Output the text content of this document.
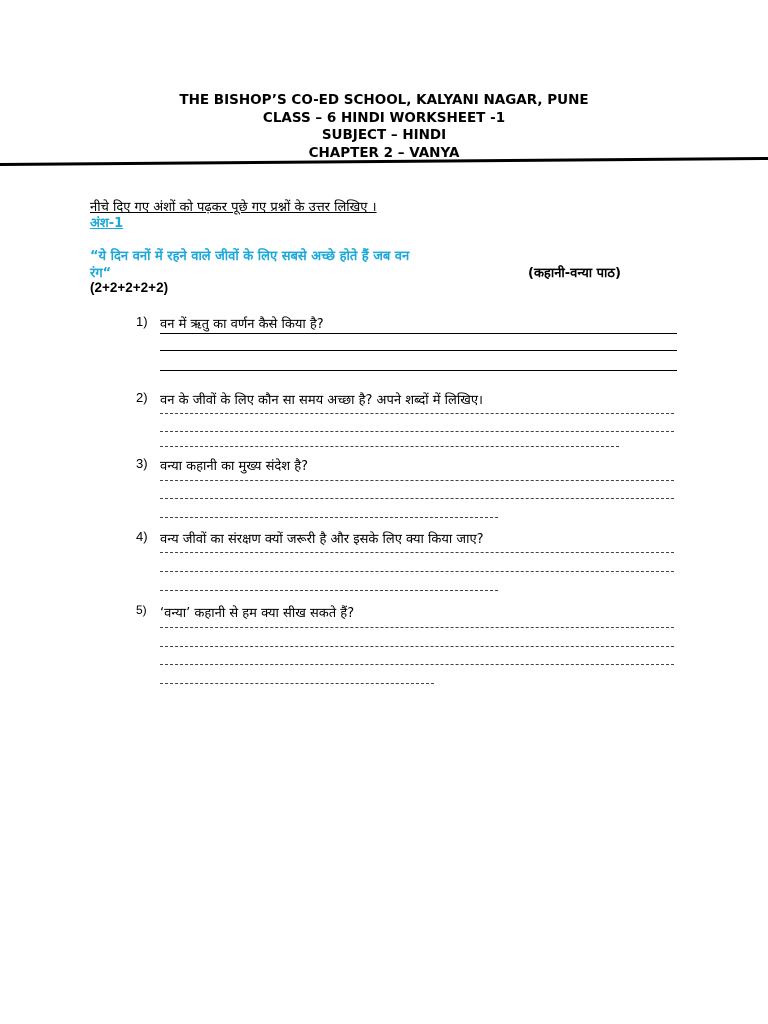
THE BISHOP’S CO-ED SCHOOL, KALYANI NAGAR, PUNE
CLASS – 6 HINDI WORKSHEET -1
SUBJECT – HINDI
CHAPTER 2 – VANYA
नीचे दिए गए अंशों को पढ़कर पूछे गए प्रश्नों के उत्तर लिखिए ।
अंश-1
“ये दिन वनों में रहने वाले जीवों के लिए सबसे अच्छे होते हैं जब वन
रंग“	(कहानी-वन्या पाठ)
(2+2+2+2+2)
1) वन में ऋतु का वर्णन कैसे किया है?
2) वन के जीवों के लिए कौन सा समय अच्छा है? अपने शब्दों में लिखिए।
3) वन्या कहानी का मुख्य संदेश है?
4) वन्य जीवों का संरक्षण क्यों जरूरी है और इसके लिए क्या किया जाए?
5) ‘वन्या’ कहानी से हम क्या सीख सकते हैं?
